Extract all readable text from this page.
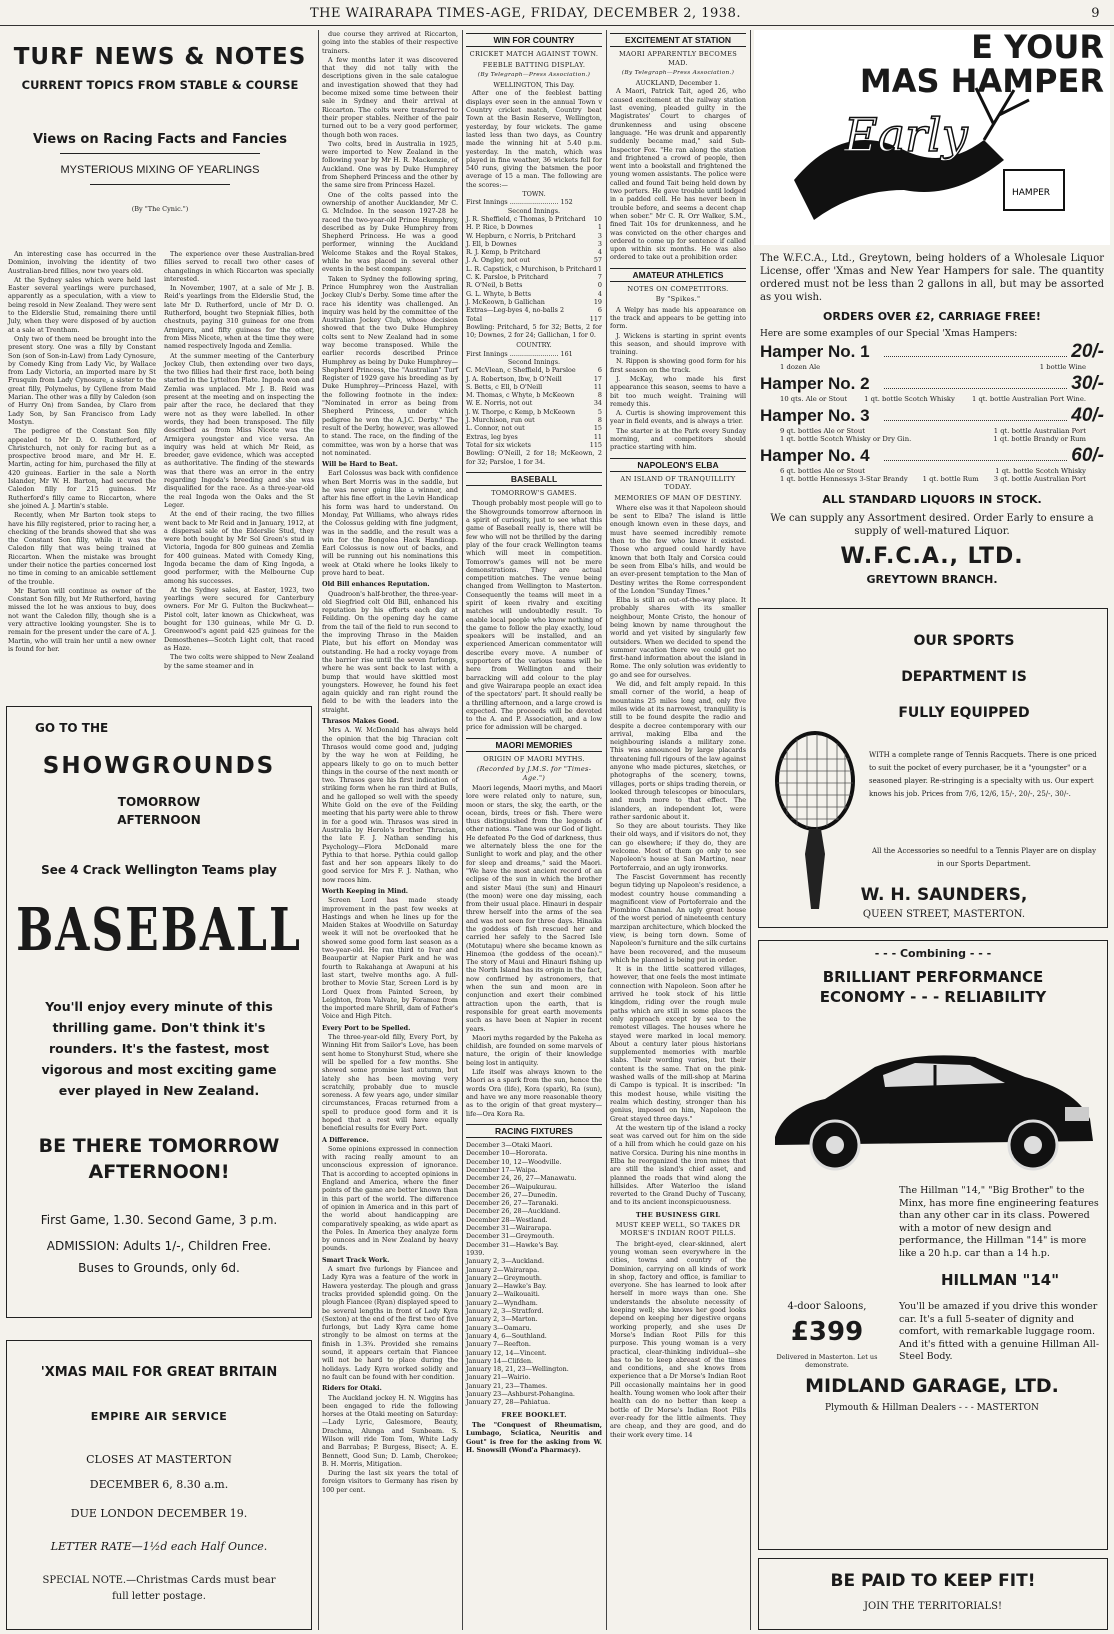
THE WAIRARAPA TIMES-AGE, FRIDAY, DECEMBER 2, 1938.	9
TURF NEWS & NOTES
CURRENT TOPICS FROM STABLE & COURSE
Views on Racing Facts and Fancies
MYSTERIOUS MIXING OF YEARLINGS
(By "The Cynic.")

An interesting case has occurred in the Dominion, involving the identity of two Australian-bred fillies, now two years old.

At the Sydney sales which were held last Easter several yearlings were purchased, apparently as a speculation, with a view to being resold in New Zealand. They were sent to the Elderslie Stud, remaining there until July, when they were disposed of by auction at a sale at Trentham.

Only two of them need be brought into the present story. One was a filly by Constant Son (son of Son-in-Law) from Lady Cynosure, by Comedy King from Lady Vic, by Wallace from Lady Victoria, an imported mare by St Frusquin from Lady Cynosure, a sister to the great filly, Polymelus, by Cyllene from Maid Marian. The other was a filly by Caledon (son of Hurry On) from Sandea, by Claro from Lady Son, by San Francisco from Lady Mostyn.

The pedigree of the Constant Son filly appealed to Mr D. O. Rutherford, of Christchurch, not only for racing but as a prospective brood mare, and Mr H. E. Martin, acting for him, purchased the filly at 420 guineas. Earlier in the sale a North Islander, Mr W. H. Barton, had secured the Caledon filly for 215 guineas. Mr Rutherford's filly came to Riccarton, where she joined A. J. Martin's stable.

Recently, when Mr Barton took steps to have his filly registered, prior to racing her, a checking of the brands showed that she was the Constant Son filly, while it was the Caledon filly that was being trained at Riccarton. When the mistake was brought under their notice the parties concerned lost no time in coming to an amicable settlement of the trouble.

Mr Barton will continue as owner of the Constant Son filly, but Mr Rutherford, having missed the lot he was anxious to buy, does not want the Caledon filly, though she is a very attractive looking youngster. She is to remain for the present under the care of A. J. Martin, who will train her until a new owner is found for her.

The experience over these Australian-bred fillies served to recall two other cases of changelings in which Riccarton was specially interested.

In November, 1907, at a sale of Mr J. B. Reid's yearlings from the Elderslie Stud, the late Mr D. Rutherford, uncle of Mr D. O. Rutherford, bought two Stepniak fillies, both chestnuts, paying 310 guineas for one from Armigera, and fifty guineas for the other, from Miss Nicete, when at the time they were named respectively Ingoda and Zemlia.

At the summer meeting of the Canterbury Jockey Club, then extending over two days, the two fillies had their first race, both being started in the Lyttelton Plate. Ingoda won and Zemlia was unplaced. Mr J. B. Reid was present at the meeting and on inspecting the pair after the race, he declared that they were not as they were labelled. In other words, they had been transposed. The filly described as from Miss Nicete was the Armigera youngster and vice versa. An inquiry was held at which Mr Reid, as breeder, gave evidence, which was accepted as authoritative. The finding of the stewards was that there was an error in the entry regarding Ingoda's breeding and she was disqualified for the race. As a three-year-old the real Ingoda won the Oaks and the St Leger.

At the end of their racing, the two fillies went back to Mr Reid and in January, 1912, at a dispersal sale of the Elderslie Stud, they were both bought by Mr Sol Green's stud in Victoria, Ingoda for 800 guineas and Zemlia for 400 guineas. Mated with Comedy King, Ingoda became the dam of King Ingoda, a good performer, with the Melbourne Cup among his successes.

At the Sydney sales, at Easter, 1923, two yearlings were secured for Canterbury owners. For Mr G. Fulton the Buckwheat—Pistol colt, later known as Chickwheat, was bought for 130 guineas, while Mr G. D. Greenwood's agent paid 425 guineas for the Demosthenes—Scotch Light colt, that raced as Haze.

The two colts were shipped to New Zealand by the same steamer and in

GO TO THE
SHOWGROUNDS
TOMORROW
AFTERNOON
See 4 Crack Wellington Teams play
BASEBALL
You'll enjoy every minute of this thrilling game. Don't think it's rounders. It's the fastest, most vigorous and most exciting game ever played in New Zealand.
BE THERE TOMORROW AFTERNOON!
First Game, 1.30. Second Game, 3 p.m.
ADMISSION: Adults 1/-, Children Free.
Buses to Grounds, only 6d.
'XMAS MAIL FOR GREAT BRITAIN
EMPIRE AIR SERVICE
CLOSES AT MASTERTON
DECEMBER 6, 8.30 a.m.
DUE LONDON DECEMBER 19.
LETTER RATE—1½d each Half Ounce.
SPECIAL NOTE.—Christmas Cards must bear full letter postage.

due course they arrived at Riccarton, going into the stables of their respective trainers.

A few months later it was discovered that they did not tally with the descriptions given in the sale catalogue and investigation showed that they had become mixed some time between their sale in Sydney and their arrival at Riccarton. The colts were transferred to their proper stables. Neither of the pair turned out to be a very good performer, though both won races.

Two colts, bred in Australia in 1925, were imported to New Zealand in the following year by Mr H. R. Mackenzie, of Auckland. One was by Duke Humphrey from Shepherd Princess and the other by the same sire from Princess Hazel.

One of the colts passed into the ownership of another Aucklander, Mr C. G. McIndoe. In the season 1927-28 he raced the two-year-old Prince Humphrey, described as by Duke Humphrey from Shepherd Princess. He was a good performer, winning the Auckland Welcome Stakes and the Royal Stakes, while he was placed in several other events in the best company.

Taken to Sydney the following spring, Prince Humphrey won the Australian Jockey Club's Derby. Some time after the race his identity was challenged. An inquiry was held by the committee of the Australian Jockey Club, whose decision showed that the two Duke Humphrey colts sent to New Zealand had in some way become transposed. While the earlier records described Prince Humphrey as being by Duke Humphrey—Shepherd Princess, the "Australian" Turf Register of 1929 gave his breeding as by Duke Humphrey—Princess Hazel, with the following footnote in the index: "Nominated in error as being from Shepherd Princess, under which pedigree he won the A.J.C. Derby." The result of the Derby, however, was allowed to stand. The race, on the finding of the committee, was won by a horse that was not nominated.

Will be Hard to Beat.

Earl Colossus was back with confidence when Bert Morris was in the saddle, but he was never going like a winner, and after his fine effort in the Levin Handicap his form was hard to understand. On Monday, Pat Williams, who always rides the Colossus gelding with fine judgment, was in the saddle, and the result was a win for the Bongolea Hack Handicap. Earl Colossus is now out of backs, and will be running out his nominations this week at Otaki where he looks likely to prove hard to beat.

Old Bill enhances Reputation.

Quadroon's half-brother, the three-year-old Siegfried colt Old Bill, enhanced his reputation by his efforts each day at Feilding. On the opening day he came from the tail of the field to run second to the improving Thraso in the Maiden Plate, but his effort on Monday was outstanding. He had a rocky voyage from the barrier rise until the seven furlongs, where he was sent back to last with a bump that would have skittled most youngsters. However, he found his feet again quickly and ran right round the field to be with the leaders into the straight.

Thrasos Makes Good.

Mrs A. W. McDonald has always held the opinion that the big Thracian colt Thrasos would come good and, judging by the way he won at Feilding, he appears likely to go on to much better things in the course of the next month or two. Thrasos gave his first indication of striking form when he ran third at Bulls, and he galloped so well with the speedy White Gold on the eve of the Feilding meeting that his party were able to throw in for a good win. Thrasos was sired in Australia by Herolo's brother Thracian, the late F. J. Nathan sending his Psychology—Flora McDonald mare Pythia to that horse. Pythia could gallop fast and her son appears likely to do good service for Mrs F. J. Nathan, who now races him.

Worth Keeping in Mind.

Screen Lord has made steady improvement in the past few weeks at Hastings and when he lines up for the Maiden Stakes at Woodville on Saturday week it will not be overlooked that he showed some good form last season as a two-year-old. He ran third to Ivar and Beaupartir at Napier Park and he was fourth to Rakahanga at Awapuni at his last start, twelve months ago. A full-brother to Movie Star, Screen Lord is by Lord Quex from Painted Screen, by Leighton, from Valvate, by Foramoz from the imported mare Shrill, dam of Father's Voice and High Pitch.

Every Port to be Spelled.

The three-year-old filly, Every Port, by Winning Hit from Sailor's Love, has been sent home to Stonyhurst Stud, where she will be spelled for a few months. She showed some promise last autumn, but lately she has been moving very scratchily, probably due to muscle soreness. A few years ago, under similar circumstances, Fracas returned from a spell to produce good form and it is hoped that a rest will have equally beneficial results for Every Port.

A Difference.

Some opinions expressed in connection with racing really amount to an unconscious expression of ignorance. That is according to accepted opinions in England and America, where the finer points of the game are better known than in this part of the world. The difference of opinion in America and in this part of the world about handicapping are comparatively speaking, as wide apart as the Poles. In America they analyze form by ounces and in New Zealand by heavy pounds.

Smart Track Work.

A smart five furlongs by Fiancee and Lady Kyra was a feature of the work in Hawera yesterday. The plough and grass tracks provided splendid going. On the plough Fiancee (Ryan) displayed speed to be several lengths in front of Lady Kyra (Sexton) at the end of the first two of five furlongs, but Lady Kyra came home strongly to be almost on terms at the finish in 1.3¾. Provided she remains sound, it appears certain that Fiancee will not be hard to place during the holidays. Lady Kyra worked solidly and no fault can be found with her condition.

Riders for Otaki.

The Auckland jockey H. N. Wiggins has been engaged to ride the following horses at the Otaki meeting on Saturday:—Lady Lyric, Galesmore, Beauty, Drachma, Alunga and Sunbeam. S. Wilson will ride Tom Tom, White Lady and Barrabas; P. Burgess, Bisect; A. E. Bennett, Good Sun; D. Lamb, Cherokee; B. H. Morris, Mitigation.

During the last six years the total of foreign visitors to Germany has risen by 100 per cent.

WIN FOR COUNTRY
CRICKET MATCH AGAINST TOWN.
FEEBLE BATTING DISPLAY.
(By Telegraph—Press Association.)
WELLINGTON, This Day.

After one of the feeblest batting displays ever seen in the annual Town v Country cricket match, Country beat Town at the Basin Reserve, Wellington, yesterday, by four wickets. The game lasted less than two days, as Country made the winning hit at 5.40 p.m. yesterday. In the match, which was played in fine weather, 36 wickets fell for 540 runs, giving the batsmen the poor average of 15 a man. The following are the scores:—

TOWN.
First Innings ........................ 152
Second Innings.
J. R. Sheffield, c Thomas, b Pritchard 10
H. P. Rice, b Downes	1
W. Hepburn, c Norris, b Pritchard	3
J. Ell, b Downes	3
R. J. Kemp, b Pritchard	4
J. A. Ongley, not out	57
L. R. Capstick, c Murchison, b Pritchard 1
C. K. Parsloe, b Pritchard	7
R. O'Neil, b Betts	0
G. L. Whyte, b Betts	4
J. McKeown, b Gallichan	19
Extras—Leg-byes 4, no-balls 2	6
Total	117
Bowling: Pritchard, 5 for 32; Betts, 2 for 10; Downes, 2 for 24; Gallichan, 1 for 0.
COUNTRY.
First Innings ........................ 161
Second Innings.
C. McVlean, c Sheffield, b Parsloe	6
J. A. Robertson, lbw, b O'Neill	17
S. Betts, c Ell, b O'Neill	11
M. Thomas, c Whyte, b McKeown	8
W. E. Norris, not out	34
J. W. Thorpe, c Kemp, b McKeown	5
J. Murchison, run out	8
L. Connor, not out	15
Extras, leg byes	11
Total for six wickets	115
Bowling: O'Neill, 2 for 18; McKeown, 2 for 32; Parsloe, 1 for 34.
BASEBALL
TOMORROW'S GAMES.

Though probably most people will go to the Showgrounds tomorrow afternoon in a spirit of curiosity, just to see what this game of Baseball really is, there will be few who will not be thrilled by the daring play of the four crack Wellington teams which will meet in competition. Tomorrow's games will not be mere demonstrations. They are actual competition matches. The venue being changed from Wellington to Masterton. Consequently the teams will meet in a spirit of keen rivalry and exciting matches will undoubtedly result. To enable local people who know nothing of the game to follow the play exactly, loud speakers will be installed, and an experienced American commentator will describe every move. A number of supporters of the various teams will be here from Wellington and their barracking will add colour to the play and give Wairarapa people an exact idea of the spectators' part. It should really be a thrilling afternoon, and a large crowd is expected. The proceeds will be devoted to the A. and P. Association, and a low price for admission will be charged.

MAORI MEMORIES
ORIGIN OF MAORI MYTHS.
(Recorded by J.M.S. for "Times-Age.")

Maori legends, Maori myths, and Maori lore were related only to nature, sun, moon or stars, the sky, the earth, or the ocean, birds, trees or fish. There were thus distinguished from the legends of other nations. "Tane was our God of light. He defeated Po the God of darkness, thus we alternately bless the one for the Sunlight to work and play, and the other for sleep and dreams," said the Maori. "We have the most ancient record of an eclipse of the sun in which the brother and sister Maui (the sun) and Hinauri (the moon) were one day missing, each from their usual place. Hinauri in despair threw herself into the arms of the sea and was not seen for three days. Hinaika the goddess of fish rescued her and carried her safely to the Sacred Isle (Motutapu) where she became known as Hinemoa (the goddess of the ocean)." The story of Maui and Hinauri fishing up the North Island has its origin in the fact, now confirmed by astronomers, that when the sun and moon are in conjunction and exert their combined attraction upon the earth, that is responsible for great earth movements such as have been at Napier in recent years.

Maori myths regarded by the Pakeha as childish, are founded on some marvels of nature, the origin of their knowledge being lost in antiquity.

Life itself was always known to the Maori as a spark from the sun, hence the words Ora (life), Kora (spark), Ra (sun), and have we any more reasonable theory as to the origin of that great mystery—life—Ora Kora Ra.

RACING FIXTURES
December 3—Otaki Maori.
December 10—Hororata.
December 10, 12—Woodville.
December 17—Waipa.
December 24, 26, 27—Manawatu.
December 26—Waipukurau.
December 26, 27—Dunedin.
December 26, 27—Taranaki.
December 26, 28—Auckland.
December 28—Westland.
December 31—Wairarapa.
December 31—Greymouth.
December 31—Hawke's Bay.
1939.
January 2, 3—Auckland.
January 2—Wairarapa.
January 2—Greymouth.
January 2—Hawke's Bay.
January 2—Waikouaiti.
January 2—Wyndham.
January 2, 3—Stratford.
January 2, 3—Marton.
January 3—Oamaru.
January 4, 6—Southland.
January 7—Reefton.
January 12, 14—Vincent.
January 14—Clifden.
January 18, 21, 23—Wellington.
January 21—Wairio.
January 21, 23—Thames.
January 23—Ashburst-Pohangina.
January 27, 28—Pahiatua.
FREE BOOKLET.

The "Conquest of Rheumatism, Lumbago, Sciatica, Neuritis and Gout" is free for the asking from W. H. Snowsill (Wond'a Pharmacy).

EXCITEMENT AT STATION
MAORI APPARENTLY BECOMES MAD.
(By Telegraph—Press Association.)
AUCKLAND, December 1.

A Maori, Patrick Tait, aged 26, who caused excitement at the railway station last evening, pleaded guilty in the Magistrates' Court to charges of drunkenness and using obscene language. "He was drunk and apparently suddenly became mad," said Sub-Inspector Fox. "He ran along the station and frightened a crowd of people, then went into a bookstall and frightened the young women assistants. The police were called and found Tait being held down by two porters. He gave trouble until lodged in a padded cell. He has never been in trouble before, and seems a decent chap when sober." Mr C. R. Orr Walker, S.M., fined Tait 10s for drunkenness, and he was convicted on the other charges and ordered to come up for sentence if called upon within six months. He was also ordered to take out a prohibition order.

AMATEUR ATHLETICS
NOTES ON COMPETITORS.
By "Spikes."

A Welpy has made his appearance on the track and appears to be getting into form.

J. Wickens is starting in sprint events this season, and should improve with training.

N. Rippon is showing good form for his first season on the track.

J. McKay, who made his first appearance this season, seems to have a bit too much weight. Training will remedy this.

A. Curtis is showing improvement this year in field events, and is always a trier.

The starter is at the Park every Sunday morning, and competitors should practice starting with him.

NAPOLEON'S ELBA
AN ISLAND OF TRANQUILLITY TODAY.
MEMORIES OF MAN OF DESTINY.

Where else was it that Napoleon should be sent to Elba? The island is little enough known even in these days, and must have seemed incredibly remote then to the few who knew it existed. Those who argued could hardly have known that both Italy and Corsica could be seen from Elba's hills, and would be an ever-present temptation to the Man of Destiny writes the Rome correspondent of the London "Sunday Times."

Elba is still an out-of-the-way place. It probably shares with its smaller neighbour, Monte Cristo, the honour of being known by name throughout the world and yet visited by singularly few outsiders. When we decided to spend the summer vacation there we could get no first-hand information about the island in Rome. The only solution was evidently to go and see for ourselves.

We did, and felt amply repaid. In this small corner of the world, a heap of mountains 25 miles long and, only five miles wide at its narrowest, tranquility is still to be found despite the radio and despite a decree contemporary with our arrival, making Elba and the neighbouring islands a military zone. This was announced by large placards threatening full rigours of the law against anyone who made pictures, sketches, or photographs of the scenery, towns, villages, ports or ships trading therein, or looked through telescopes or binoculars, and much more to that effect. The islanders, an independent lot, were rather sardonic about it.

So they are about tourists. They like their old ways, and if visitors do not, they can go elsewhere; if they do, they are welcome. Most of them go only to see Napoleon's house at San Martino, near Portoferraio, and an ugly ironworks.

The Fascist Government has recently begun tidying up Napoleon's residence, a modest country house commanding a magnificent view of Portoferraio and the Piombino Channel. An ugly great house of the worst period of nineteenth century marzipan architecture, which blocked the view, is being torn down. Some of Napoleon's furniture and the silk curtains have been recovered, and the museum which he planned is being put in order.

It is in the little scattered villages, however, that one feels the most intimate connection with Napoleon. Soon after he arrived he took stock of his little kingdom, riding over the rough mule paths which are still in some places the only approach except by sea to the remotest villages. The houses where he stayed were marked in local memory. About a century later pious historians supplemented memories with marble slabs. Their wording varies, but their content is the same. That on the pink-washed walls of the mill-shop at Marina di Campo is typical. It is inscribed: "In this modest house, while visiting the realm which destiny, stronger than his genius, imposed on him, Napoleon the Great stayed three days."

At the western tip of the island a rocky seat was carved out for him on the side of a hill from which he could gaze on his native Corsica. During his nine months in Elba he reorganized the iron mines that are still the island's chief asset, and planned the roads that wind along the hillsides. After Waterloo the island reverted to the Grand Duchy of Tuscany, and to its ancient inconspicuousness.

THE BUSINESS GIRL
MUST KEEP WELL, SO TAKES DR MORSE'S INDIAN ROOT PILLS.

The bright-eyed, clear-skinned, alert young woman seen everywhere in the cities, towns and country of the Dominion, carrying on all kinds of work in shop, factory and office, is familiar to everyone. She has learned to look after herself in more ways than one. She understands the absolute necessity of keeping well; she knows her good looks depend on keeping her digestive organs working properly, and she uses Dr Morse's Indian Root Pills for this purpose. This young woman is a very practical, clear-thinking individual—she has to be to keep abreast of the times and conditions, and she knows from experience that a Dr Morse's Indian Root Pill occasionally maintains her in good health. Young women who look after their health can do no better than keep a bottle of Dr Morse's Indian Root Pills ever-ready for the little ailments. They are cheap, and they are good, and do their work every time. 14

HAMPER
E YOUR
MAS HAMPER
Early
The W.F.C.A., Ltd., Greytown, being holders of a Wholesale Liquor License, offer 'Xmas and New Year Hampers for sale. The quantity ordered must not be less than 2 gallons in all, but may be assorted as you wish.
ORDERS OVER £2, CARRIAGE FREE!
Here are some examples of our Special 'Xmas Hampers:
Hamper No. 1	20/-
1 dozen Ale	1 bottle Wine
Hamper No. 2	30/-
10 qts. Ale or Stout	1 qt. bottle Scotch Whisky	1 qt. bottle Australian Port Wine.
Hamper No. 3	40/-
9 qt. bottles Ale or Stout	1 qt. bottle Australian Port
1 qt. bottle Scotch Whisky or Dry Gin.	1 qt. bottle Brandy or Rum
Hamper No. 4	60/-
6 qt. bottles Ale or Stout	1 qt. bottle Scotch Whisky
1 qt. bottle Hennessys 3-Star Brandy 1 qt. bottle Rum 3 qt. bottle Australian Port
ALL STANDARD LIQUORS IN STOCK.
We can supply any Assortment desired. Order Early to ensure a supply of well-matured Liquor.
W.F.C.A., LTD.
GREYTOWN BRANCH.
OUR SPORTS
DEPARTMENT IS
FULLY EQUIPPED
WITH a complete range of Tennis Racquets. There is one priced to suit the pocket of every purchaser, be it a "youngster" or a seasoned player. Re-stringing is a specialty with us. Our expert knows his job. Prices from 7/6, 12/6, 15/-, 20/-, 25/-, 30/-.
All the Accessories so needful to a Tennis Player are on display in our Sports Department.
W. H. SAUNDERS,
QUEEN STREET, MASTERTON.
- - - Combining - - -
BRILLIANT PERFORMANCE
ECONOMY - - - RELIABILITY
The Hillman "14," "Big Brother" to the Minx, has more fine engineering features than any other car in its class. Powered with a motor of new design and performance, the Hillman "14" is more like a 20 h.p. car than a 14 h.p.
HILLMAN "14"
4-door Saloons,
£399
Delivered in Masterton. Let us demonstrate.
You'll be amazed if you drive this wonder car. It's a full 5-seater of dignity and comfort, with remarkable luggage room. And it's fitted with a genuine Hillman All-Steel Body.
MIDLAND GARAGE, LTD.
Plymouth & Hillman Dealers - - - MASTERTON
BE PAID TO KEEP FIT!
JOIN THE TERRITORIALS!
